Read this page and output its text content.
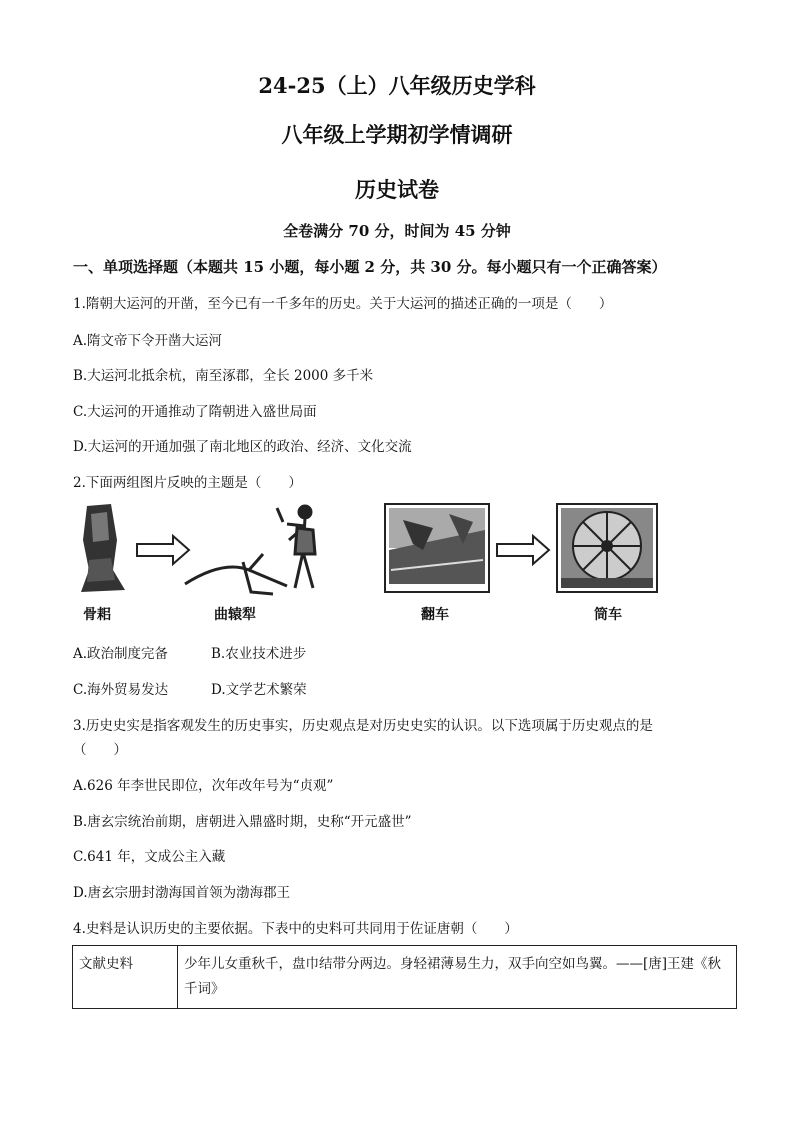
24-25（上）八年级历史学科
八年级上学期初学情调研
历史试卷
全卷满分 70 分，时间为 45 分钟
一、单项选择题（本题共 15 小题，每小题 2 分，共 30 分。每小题只有一个正确答案）
1.隋朝大运河的开凿，至今已有一千多年的历史。关于大运河的描述正确的一项是（　　）
A.隋文帝下令开凿大运河
B.大运河北抵余杭，南至涿郡，全长 2000 多千米
C.大运河的开通推动了隋朝进入盛世局面
D.大运河的开通加强了南北地区的政治、经济、文化交流
2.下面两组图片反映的主题是（　　）
骨耜	曲辕犁	翻车	筒车
A.政治制度完备	B.农业技术进步
C.海外贸易发达	D.文学艺术繁荣
3.历史史实是指客观发生的历史事实，历史观点是对历史史实的认识。以下选项属于历史观点的是
（　　）
A.626 年李世民即位，次年改年号为“贞观”
B.唐玄宗统治前期，唐朝进入鼎盛时期，史称“开元盛世”
C.641 年，文成公主入藏
D.唐玄宗册封渤海国首领为渤海郡王
4.史料是认识历史的主要依据。下表中的史料可共同用于佐证唐朝（　　）
文献史料	少年儿女重秋千，盘巾结带分两边。身轻裙薄易生力，双手向空如鸟翼。——[唐]王建《秋千词》
